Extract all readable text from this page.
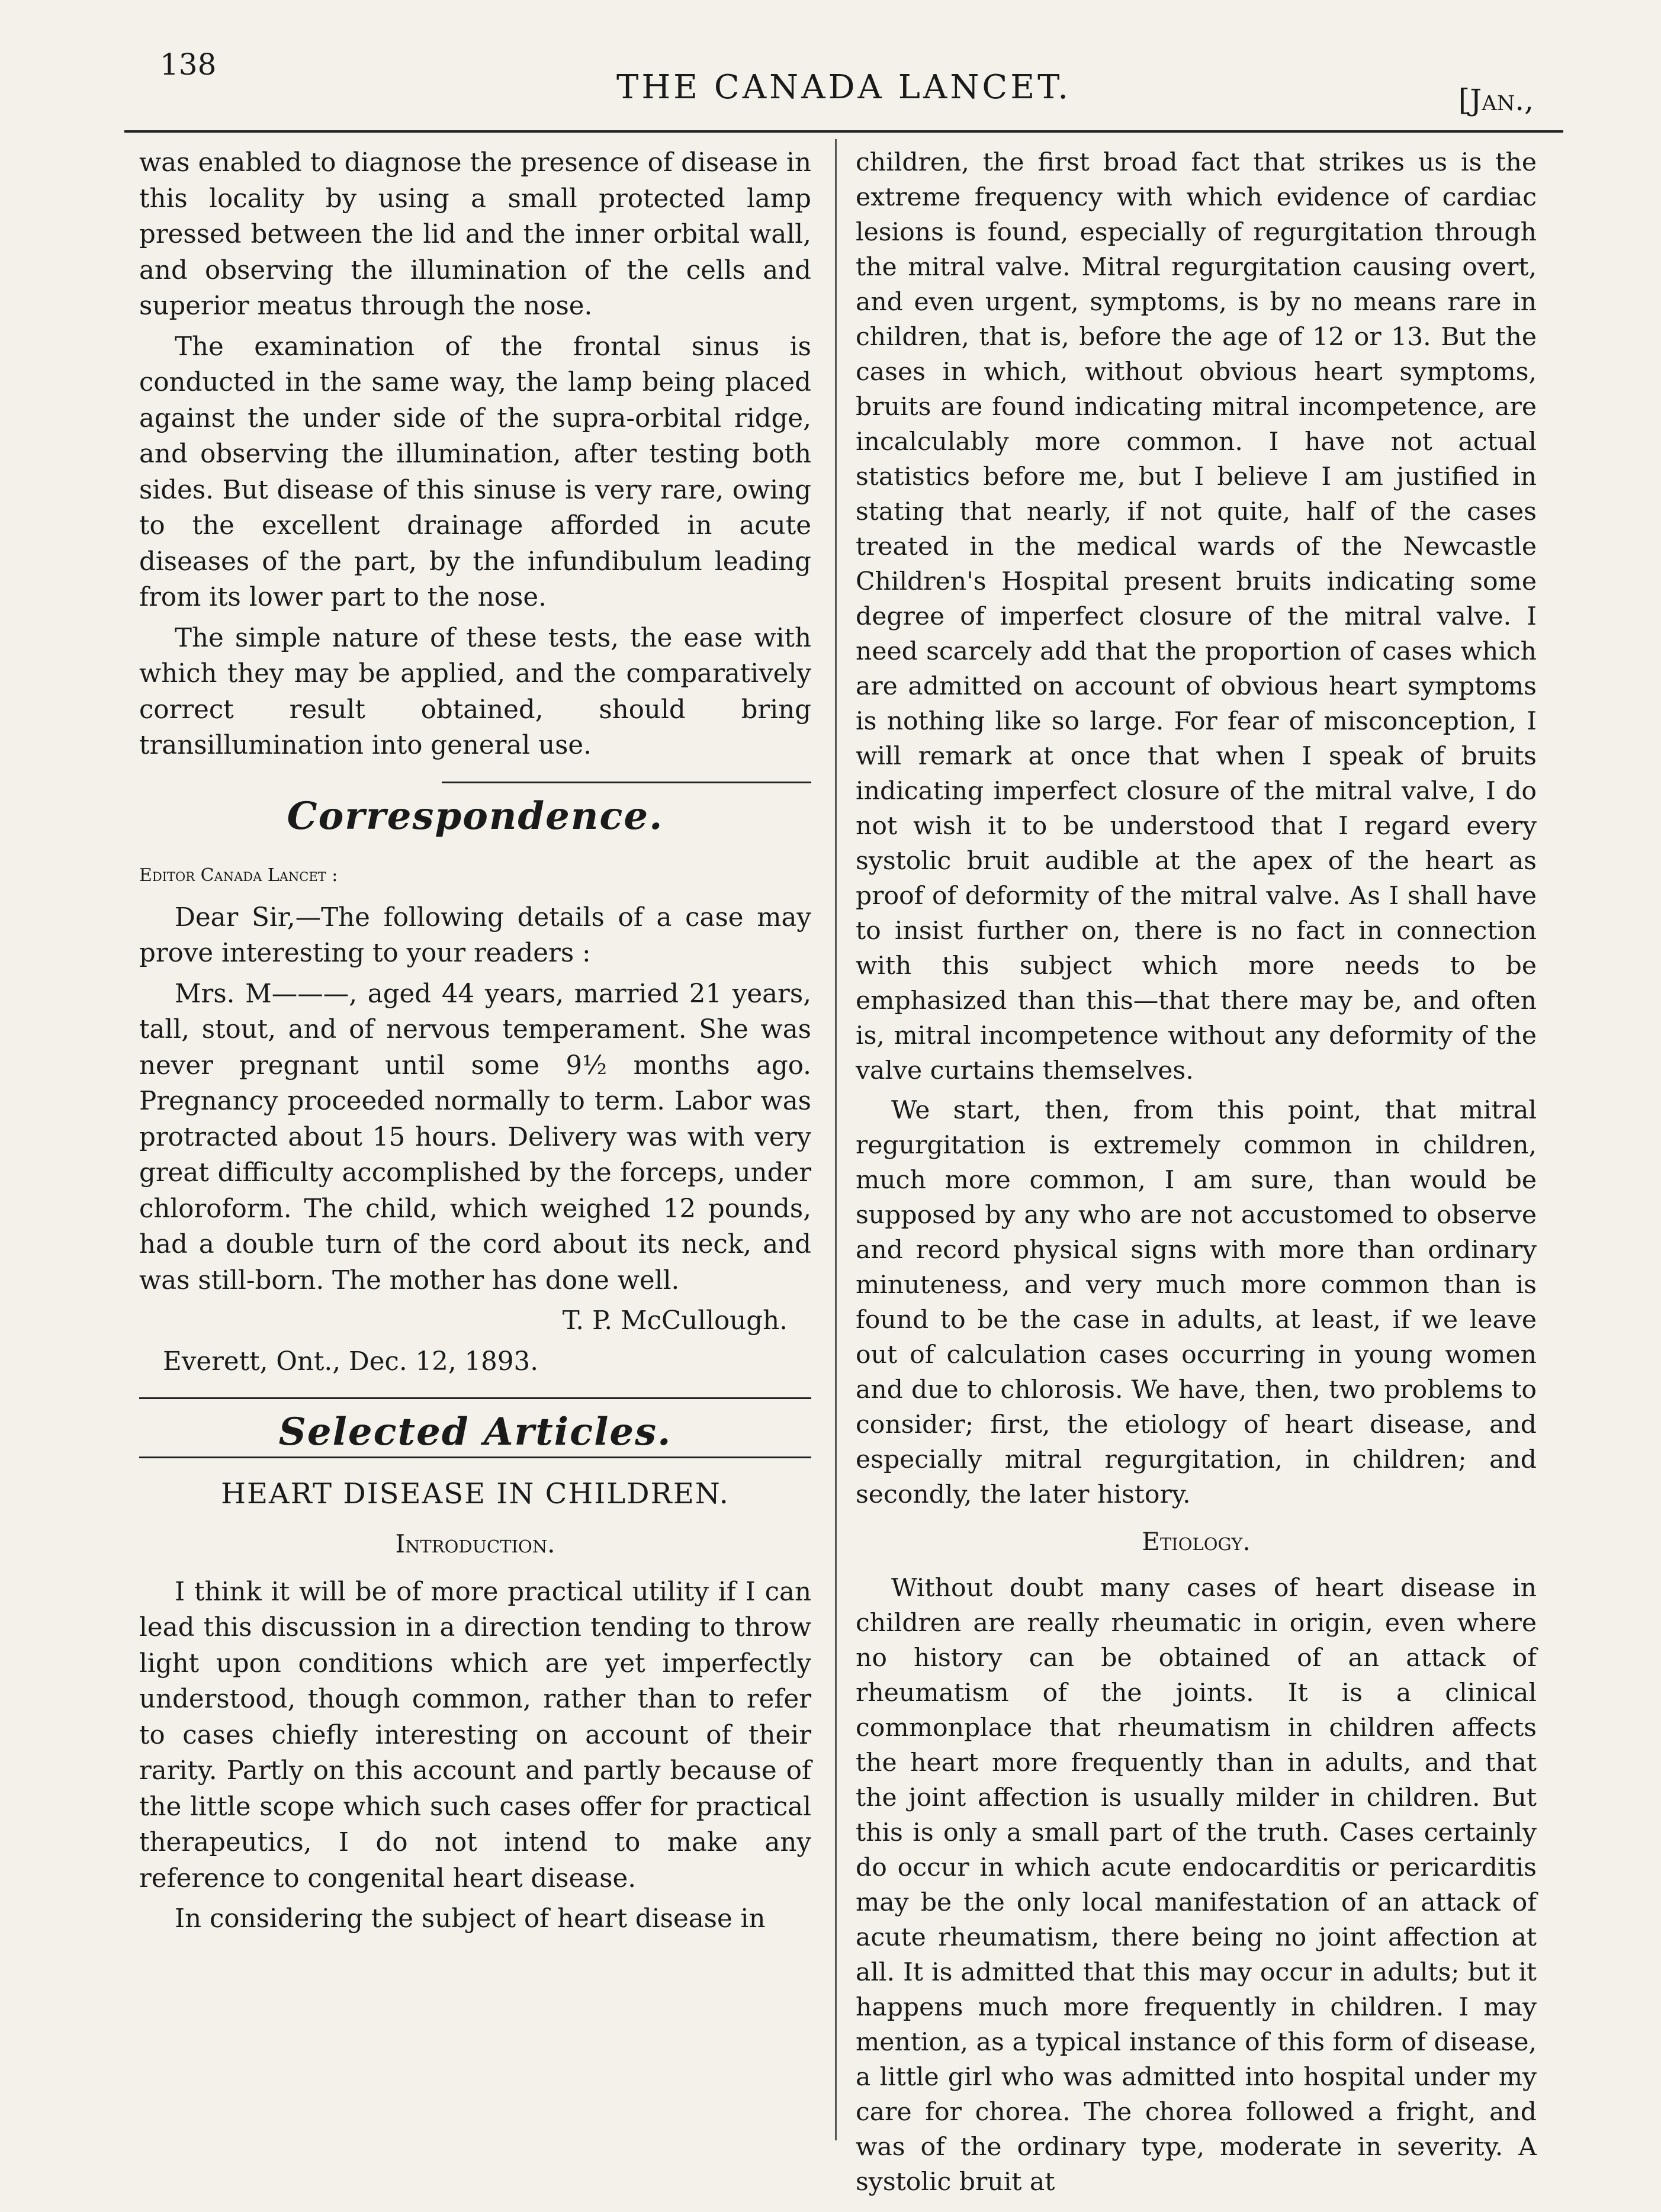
138
THE CANADA LANCET.	[Jan.,

was enabled to diagnose the presence of disease in this locality by using a small protected lamp pressed between the lid and the inner orbital wall, and observing the illumination of the cells and superior meatus through the nose.

The examination of the frontal sinus is conducted in the same way, the lamp being placed against the under side of the supra-orbital ridge, and observing the illumination, after testing both sides. But disease of this sinuse is very rare, owing to the excellent drainage afforded in acute diseases of the part, by the infundibulum leading from its lower part to the nose.

The simple nature of these tests, the ease with which they may be applied, and the comparatively correct result obtained, should bring transillumination into general use.

Correspondence.
Editor Canada Lancet :

Dear Sir,—The following details of a case may prove interesting to your readers :

Mrs. M———, aged 44 years, married 21 years, tall, stout, and of nervous temperament. She was never pregnant until some 9½ months ago. Pregnancy proceeded normally to term. Labor was protracted about 15 hours. Delivery was with very great difficulty accomplished by the forceps, under chloroform. The child, which weighed 12 pounds, had a double turn of the cord about its neck, and was still-born. The mother has done well.

T. P. McCullough.

Everett, Ont., Dec. 12, 1893.

Selected Articles.
HEART DISEASE IN CHILDREN.
Introduction.

I think it will be of more practical utility if I can lead this discussion in a direction tending to throw light upon conditions which are yet imperfectly understood, though common, rather than to refer to cases chiefly interesting on account of their rarity. Partly on this account and partly because of the little scope which such cases offer for practical therapeutics, I do not intend to make any reference to congenital heart disease.

In considering the subject of heart disease in

children, the first broad fact that strikes us is the extreme frequency with which evidence of cardiac lesions is found, especially of regurgitation through the mitral valve. Mitral regurgitation causing overt, and even urgent, symptoms, is by no means rare in children, that is, before the age of 12 or 13. But the cases in which, without obvious heart symptoms, bruits are found indicating mitral incompetence, are incalculably more common. I have not actual statistics before me, but I believe I am justified in stating that nearly, if not quite, half of the cases treated in the medical wards of the Newcastle Children's Hospital present bruits indicating some degree of imperfect closure of the mitral valve. I need scarcely add that the proportion of cases which are admitted on account of obvious heart symptoms is nothing like so large. For fear of misconception, I will remark at once that when I speak of bruits indicating imperfect closure of the mitral valve, I do not wish it to be understood that I regard every systolic bruit audible at the apex of the heart as proof of deformity of the mitral valve. As I shall have to insist further on, there is no fact in connection with this subject which more needs to be emphasized than this—that there may be, and often is, mitral incompetence without any deformity of the valve curtains themselves.

We start, then, from this point, that mitral regurgitation is extremely common in children, much more common, I am sure, than would be supposed by any who are not accustomed to observe and record physical signs with more than ordinary minuteness, and very much more common than is found to be the case in adults, at least, if we leave out of calculation cases occurring in young women and due to chlorosis. We have, then, two problems to consider; first, the etiology of heart disease, and especially mitral regurgitation, in children; and secondly, the later history.

Etiology.

Without doubt many cases of heart disease in children are really rheumatic in origin, even where no history can be obtained of an attack of rheumatism of the joints. It is a clinical commonplace that rheumatism in children affects the heart more frequently than in adults, and that the joint affection is usually milder in children. But this is only a small part of the truth. Cases certainly do occur in which acute endocarditis or pericarditis may be the only local manifestation of an attack of acute rheumatism, there being no joint affection at all. It is admitted that this may occur in adults; but it happens much more frequently in children. I may mention, as a typical instance of this form of disease, a little girl who was admitted into hospital under my care for chorea. The chorea followed a fright, and was of the ordinary type, moderate in severity. A systolic bruit at
